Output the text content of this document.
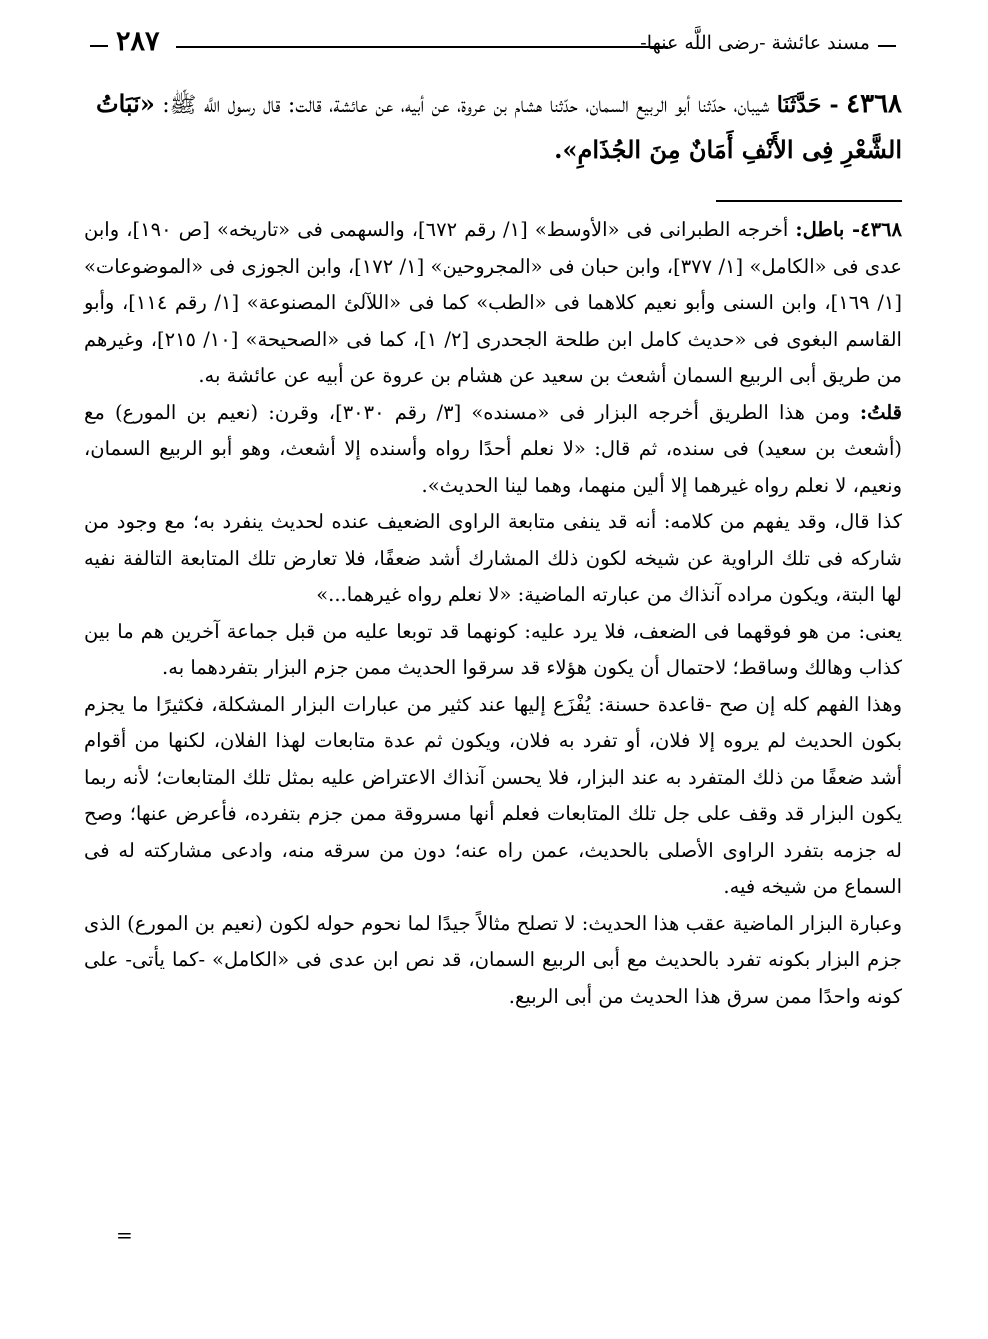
٢٨٧	مسند عائشة -رضى اللَّه عنها-
٤٣٦٨ - حَدَّثَنَا شيبان، حدّثنا أبو الربيع السمان، حدّثنا هشام بن عروة، عن أبيه، عن عائشة، قالت: قال رسول اللَّه ﷺ: «نَبَاتُ الشَّعْرِ فِى الأَنْفِ أَمَانٌ مِنَ الجُذَامِ».

٤٣٦٨- باطل: أخرجه الطبرانى فى «الأوسط» [١/ رقم ٦٧٢]، والسهمى فى «تاريخه» [ص ١٩٠]، وابن عدى فى «الكامل» [١/ ٣٧٧]، وابن حبان فى «المجروحين» [١/ ١٧٢]، وابن الجوزى فى «الموضوعات» [١/ ١٦٩]، وابن السنى وأبو نعيم كلاهما فى «الطب» كما فى «اللآلئ المصنوعة» [١/ رقم ١١٤]، وأبو القاسم البغوى فى «حديث كامل ابن طلحة الجحدرى [٢/ ١]، كما فى «الصحيحة» [١٠/ ٢١٥]، وغيرهم من طريق أبى الربيع السمان أشعث بن سعيد عن هشام بن عروة عن أبيه عن عائشة به.

قلتُ: ومن هذا الطريق أخرجه البزار فى «مسنده» [٣/ رقم ٣٠٣٠]، وقرن: (نعيم بن المورع) مع (أشعث بن سعيد) فى سنده، ثم قال: «لا نعلم أحدًا رواه وأسنده إلا أشعث، وهو أبو الربيع السمان، ونعيم، لا نعلم رواه غيرهما إلا ألين منهما، وهما لينا الحديث».

كذا قال، وقد يفهم من كلامه: أنه قد ينفى متابعة الراوى الضعيف عنده لحديث ينفرد به؛ مع وجود من شاركه فى تلك الراوية عن شيخه لكون ذلك المشارك أشد ضعفًا، فلا تعارض تلك المتابعة التالفة نفيه لها البتة، ويكون مراده آنذاك من عبارته الماضية: «لا نعلم رواه غيرهما...»

يعنى: من هو فوقهما فى الضعف، فلا يرد عليه: كونهما قد توبعا عليه من قبل جماعة آخرين هم ما بين كذاب وهالك وساقط؛ لاحتمال أن يكون هؤلاء قد سرقوا الحديث ممن جزم البزار بتفردهما به.

وهذا الفهم كله إن صح -قاعدة حسنة: يُفْزَع إليها عند كثير من عبارات البزار المشكلة، فكثيرًا ما يجزم بكون الحديث لم يروه إلا فلان، أو تفرد به فلان، ويكون ثم عدة متابعات لهذا الفلان، لكنها من أقوام أشد ضعفًا من ذلك المتفرد به عند البزار، فلا يحسن آنذاك الاعتراض عليه بمثل تلك المتابعات؛ لأنه ربما يكون البزار قد وقف على جل تلك المتابعات فعلم أنها مسروقة ممن جزم بتفرده، فأعرض عنها؛ وصح له جزمه بتفرد الراوى الأصلى بالحديث، عمن راه عنه؛ دون من سرقه منه، وادعى مشاركته له فى السماع من شيخه فيه.

وعبارة البزار الماضية عقب هذا الحديث: لا تصلح مثالاً جيدًا لما نحوم حوله لكون (نعيم بن المورع) الذى جزم البزار بكونه تفرد بالحديث مع أبى الربيع السمان، قد نص ابن عدى فى «الكامل» -كما يأتى- على كونه واحدًا ممن سرق هذا الحديث من أبى الربيع.

=
